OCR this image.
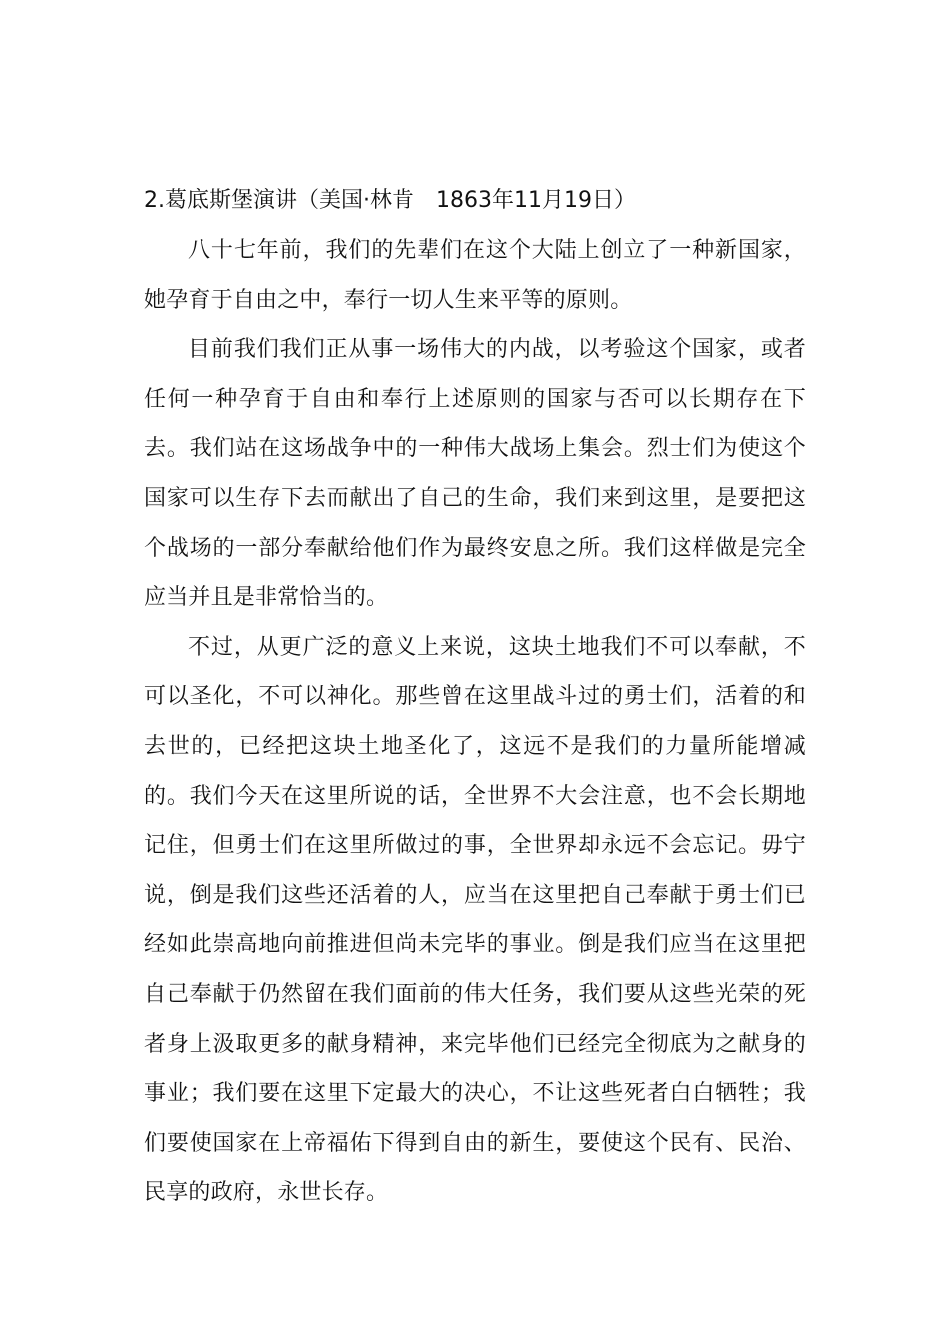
2.葛底斯堡演讲（美国·林肯　1863年11月19日）

八十七年前，我们的先辈们在这个大陆上创立了一种新国家，她孕育于自由之中，奉行一切人生来平等的原则。

目前我们我们正从事一场伟大的内战，以考验这个国家，或者任何一种孕育于自由和奉行上述原则的国家与否可以长期存在下去。我们站在这场战争中的一种伟大战场上集会。烈士们为使这个国家可以生存下去而献出了自己的生命，我们来到这里，是要把这个战场的一部分奉献给他们作为最终安息之所。我们这样做是完全应当并且是非常恰当的。

不过，从更广泛的意义上来说，这块土地我们不可以奉献，不可以圣化，不可以神化。那些曾在这里战斗过的勇士们，活着的和去世的，已经把这块土地圣化了，这远不是我们的力量所能增减的。我们今天在这里所说的话，全世界不大会注意，也不会长期地记住，但勇士们在这里所做过的事，全世界却永远不会忘记。毋宁说，倒是我们这些还活着的人，应当在这里把自己奉献于勇士们已经如此崇高地向前推进但尚未完毕的事业。倒是我们应当在这里把自己奉献于仍然留在我们面前的伟大任务，我们要从这些光荣的死者身上汲取更多的献身精神，来完毕他们已经完全彻底为之献身的事业；我们要在这里下定最大的决心，不让这些死者白白牺牲；我们要使国家在上帝福佑下得到自由的新生，要使这个民有、民治、民享的政府，永世长存。
